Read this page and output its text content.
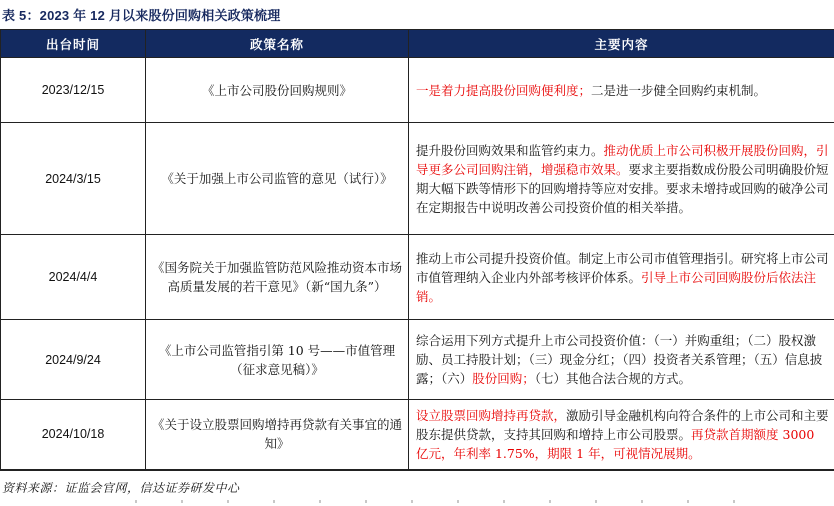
表 5：2023 年 12 月以来股份回购相关政策梳理
出台时间	政策名称	主要内容
2023/12/15	《上市公司股份回购规则》	一是着力提高股份回购便利度；二是进一步健全回购约束机制。
2024/3/15	《关于加强上市公司监管的意见（试行）》	提升股份回购效果和监管约束力。推动优质上市公司积极开展股份回购，引导更多公司回购注销，增强稳市效果。要求主要指数成份股公司明确股价短期大幅下跌等情形下的回购增持等应对安排。要求未增持或回购的破净公司在定期报告中说明改善公司投资价值的相关举措。
2024/4/4	《国务院关于加强监管防范风险推动资本市场高质量发展的若干意见》（新“国九条”）	推动上市公司提升投资价值。制定上市公司市值管理指引。研究将上市公司市值管理纳入企业内外部考核评价体系。引导上市公司回购股份后依法注销。
2024/9/24	《上市公司监管指引第 10 号——市值管理（征求意见稿）》	综合运用下列方式提升上市公司投资价值：（一）并购重组；（二）股权激励、员工持股计划；（三）现金分红；（四）投资者关系管理；（五）信息披露；（六）股份回购；（七）其他合法合规的方式。
2024/10/18	《关于设立股票回购增持再贷款有关事宜的通知》	设立股票回购增持再贷款，激励引导金融机构向符合条件的上市公司和主要股东提供贷款，支持其回购和增持上市公司股票。再贷款首期额度 3000 亿元，年利率 1.75%，期限 1 年，可视情况展期。
资料来源：证监会官网，信达证券研发中心
